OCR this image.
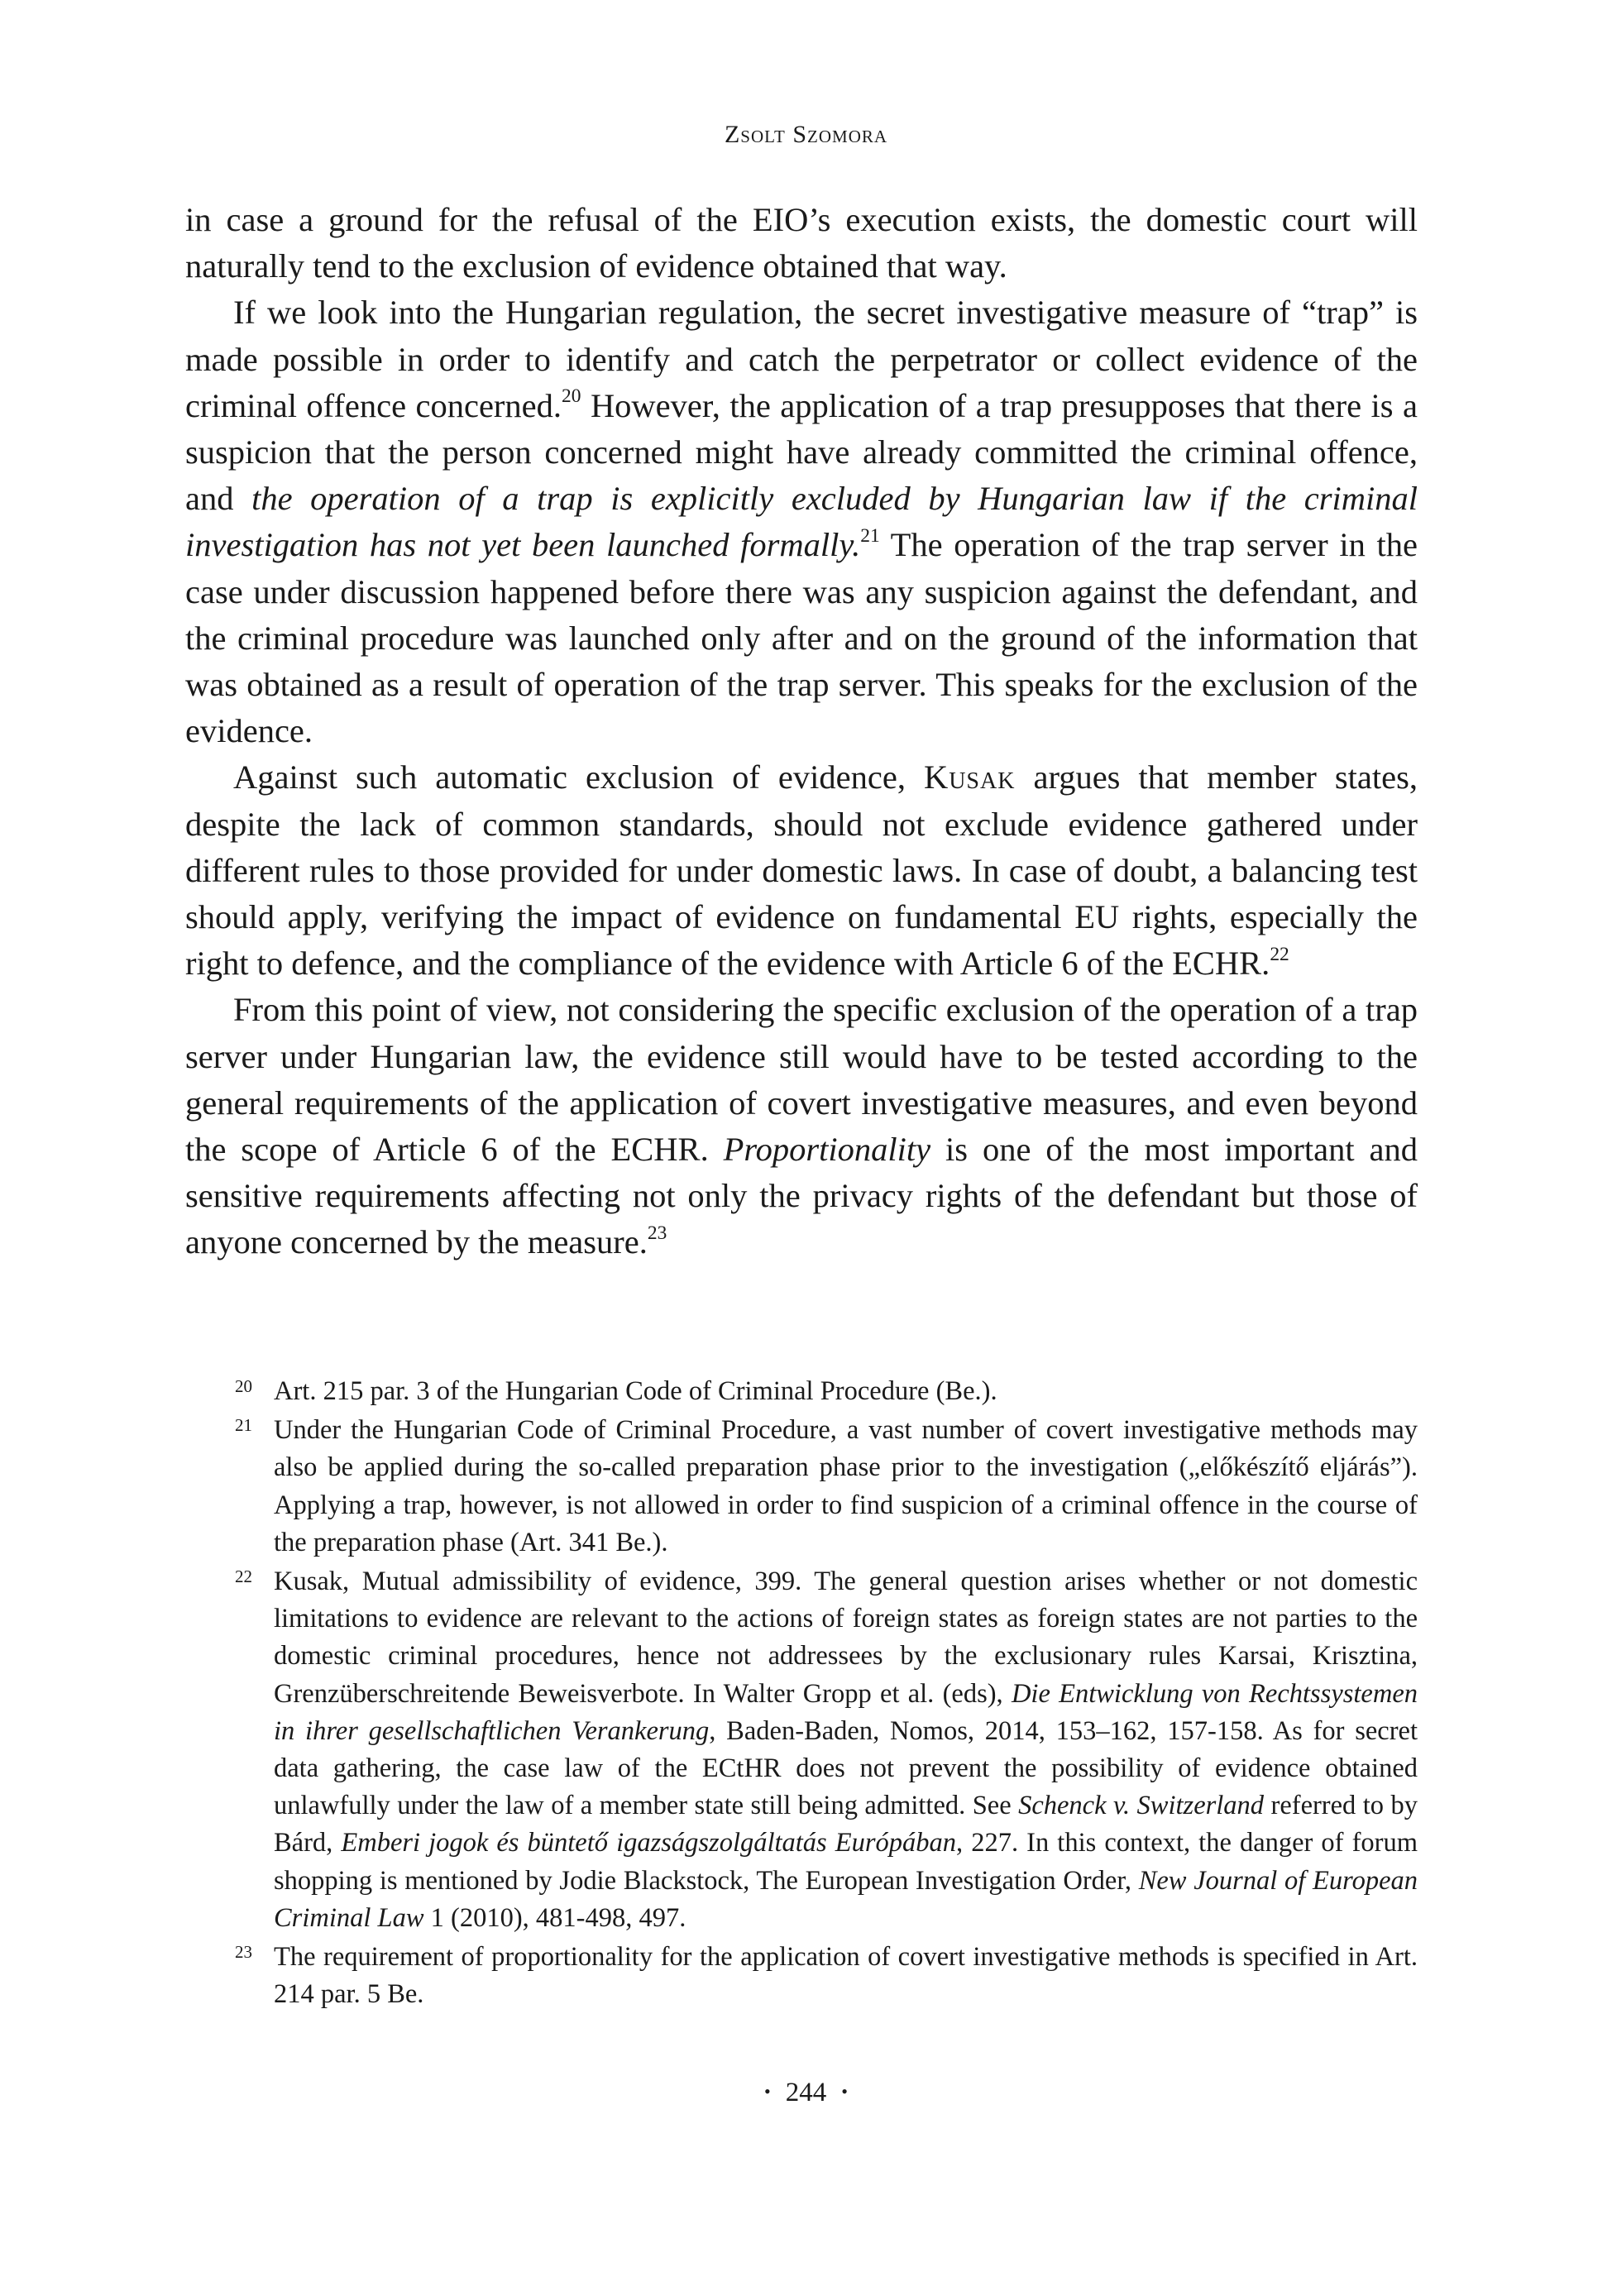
Zsolt Szomora

in case a ground for the refusal of the EIO’s execution exists, the domestic court will naturally tend to the exclusion of evidence obtained that way.

If we look into the Hungarian regulation, the secret investigative measure of “trap” is made possible in order to identify and catch the perpetrator or collect evidence of the criminal offence concerned.$^{20}$ However, the application of a trap presupposes that there is a suspicion that the person concerned might have already committed the criminal offence, and the operation of a trap is explicitly excluded by Hungarian law if the criminal investigation has not yet been launched formally.$^{21}$ The operation of the trap server in the case under discussion happened before there was any suspicion against the defendant, and the criminal procedure was launched only after and on the ground of the information that was obtained as a result of operation of the trap server. This speaks for the exclusion of the evidence.

Against such automatic exclusion of evidence, Kusak argues that member states, despite the lack of common standards, should not exclude evidence gathered under different rules to those provided for under domestic laws. In case of doubt, a balancing test should apply, verifying the impact of evidence on fundamental EU rights, especially the right to defence, and the compliance of the evidence with Article 6 of the ECHR.$^{22}$

From this point of view, not considering the specific exclusion of the operation of a trap server under Hungarian law, the evidence still would have to be tested according to the general requirements of the application of covert investigative measures, and even beyond the scope of Article 6 of the ECHR. Proportionality is one of the most important and sensitive requirements affecting not only the privacy rights of the defendant but those of anyone concerned by the measure.$^{23}$

20 Art. 215 par. 3 of the Hungarian Code of Criminal Procedure (Be.).
21 Under the Hungarian Code of Criminal Procedure, a vast number of covert investigative methods may also be applied during the so-called preparation phase prior to the investigation („előkészítő eljárás”). Applying a trap, however, is not allowed in order to find suspicion of a criminal offence in the course of the preparation phase (Art. 341 Be.).
22 Kusak, Mutual admissibility of evidence, 399. The general question arises whether or not domestic limitations to evidence are relevant to the actions of foreign states as foreign states are not parties to the domestic criminal procedures, hence not addressees by the exclusionary rules Karsai, Krisztina, Grenzüberschreitende Beweisverbote. In Walter Gropp et al. (eds), Die Entwicklung von Rechtssystemen in ihrer gesellschaftlichen Verankerung, Baden-Baden, Nomos, 2014, 153–162, 157-158. As for secret data gathering, the case law of the ECtHR does not prevent the possibility of evidence obtained unlawfully under the law of a member state still being admitted. See Schenck v. Switzerland referred to by Bárd, Emberi jogok és büntető igazságszolgáltatás Európában, 227. In this context, the danger of forum shopping is mentioned by Jodie Blackstock, The European Investigation Order, New Journal of European Criminal Law 1 (2010), 481-498, 497.
23 The requirement of proportionality for the application of covert investigative methods is specified in Art. 214 par. 5 Be.
• 244 •
